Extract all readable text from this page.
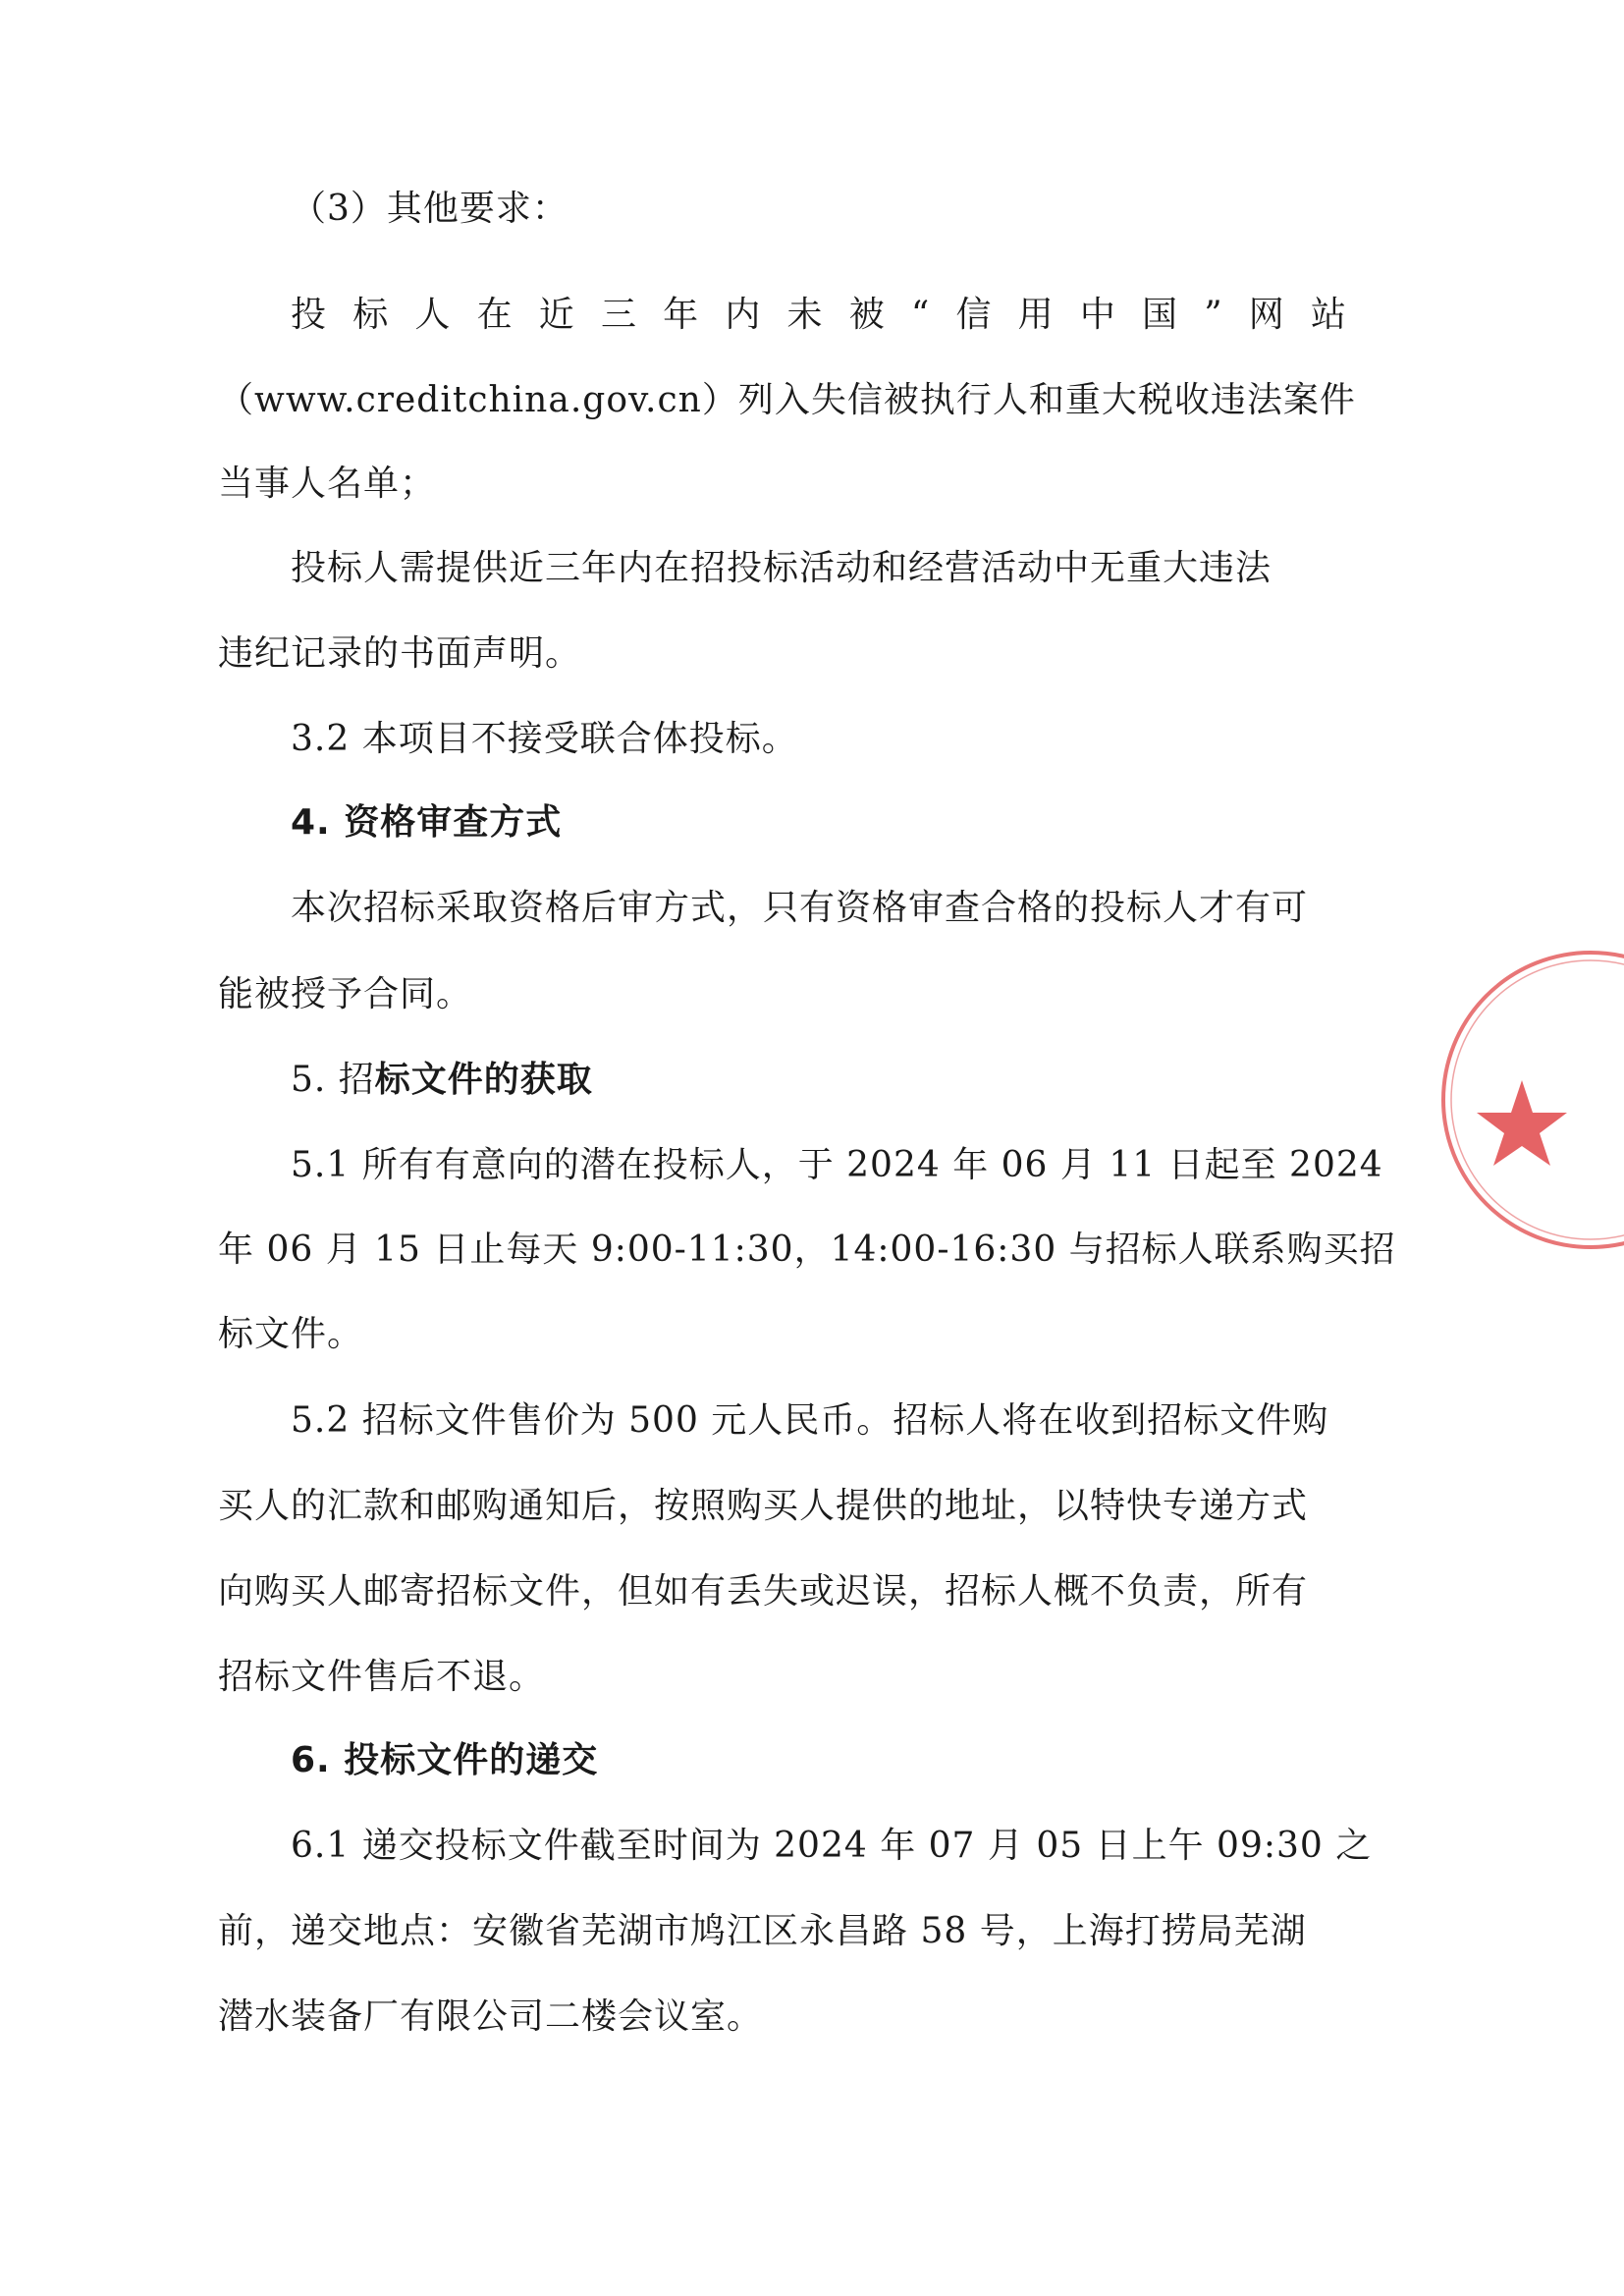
（3）其他要求：
投 标 人 在 近 三 年 内 未 被 “ 信 用 中 国 ” 网 站
（www.creditchina.gov.cn）列入失信被执行人和重大税收违法案件
当事人名单；
投标人需提供近三年内在招投标活动和经营活动中无重大违法
违纪记录的书面声明。
3.2 本项目不接受联合体投标。
4. 资格审查方式
本次招标采取资格后审方式，只有资格审查合格的投标人才有可
能被授予合同。
5. 招标文件的获取
5.1 所有有意向的潜在投标人，于 2024 年 06 月 11 日起至 2024
年 06 月 15 日止每天 9:00-11:30，14:00-16:30 与招标人联系购买招
标文件。
5.2 招标文件售价为 500 元人民币。招标人将在收到招标文件购
买人的汇款和邮购通知后，按照购买人提供的地址，以特快专递方式
向购买人邮寄招标文件，但如有丢失或迟误，招标人概不负责，所有
招标文件售后不退。
6. 投标文件的递交
6.1 递交投标文件截至时间为 2024 年 07 月 05 日上午 09:30 之
前，递交地点：安徽省芜湖市鸠江区永昌路 58 号，上海打捞局芜湖
潜水装备厂有限公司二楼会议室。
